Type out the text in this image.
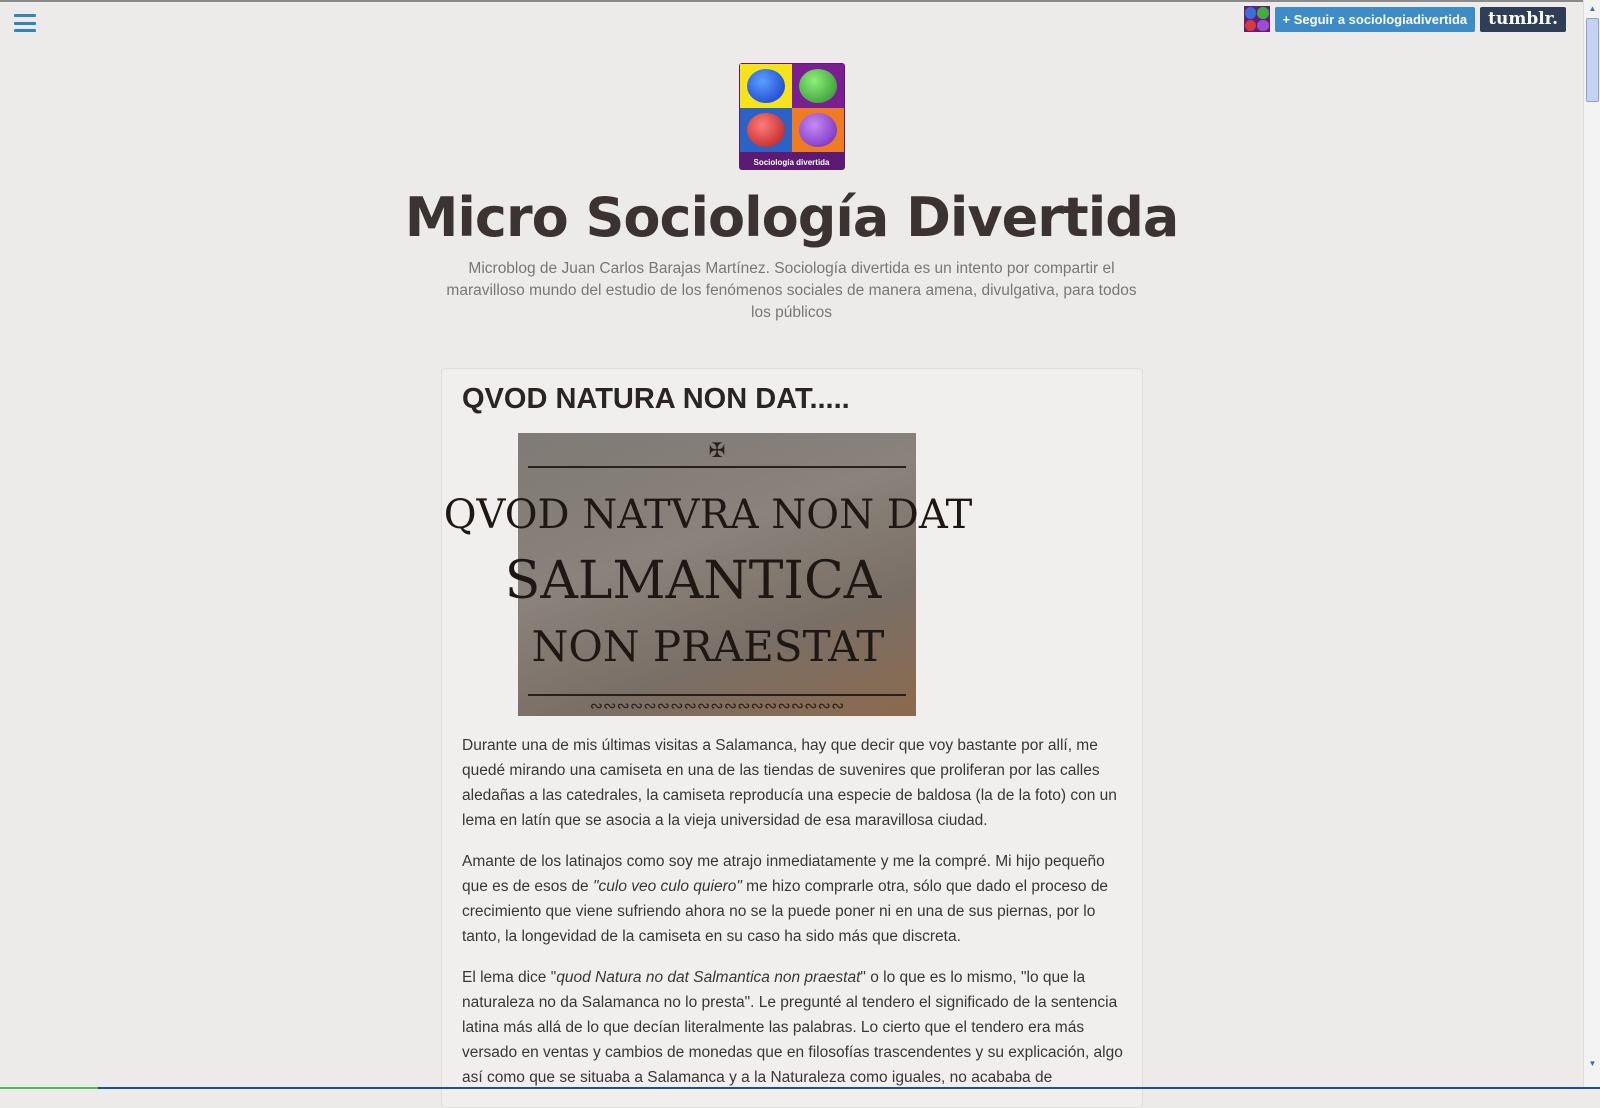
+ Seguir a sociologiadivertida	tumblr.	▲
▼
Sociología divertida
Micro Sociología Divertida

Microblog de Juan Carlos Barajas Martínez. Sociología divertida es un intento por compartir el maravilloso mundo del estudio de los fenómenos sociales de manera amena, divulgativa, para todos los públicos

QVOD NATURA NON DAT.....
✠
QVOD NATVRA NON DAT
SALMANTICA
NON PRAESTAT
∾∾∾∾∾∾∾∾∾∾∾∾∾∾∾∾∾∾∾

Durante una de mis últimas visitas a Salamanca, hay que decir que voy bastante por allí, me quedé mirando una camiseta en una de las tiendas de suvenires que proliferan por las calles aledañas a las catedrales, la camiseta reproducía una especie de baldosa (la de la foto) con un lema en latín que se asocia a la vieja universidad de esa maravillosa ciudad.

Amante de los latinajos como soy me atrajo inmediatamente y me la compré. Mi hijo pequeño que es de esos de "culo veo culo quiero" me hizo comprarle otra, sólo que dado el proceso de crecimiento que viene sufriendo ahora no se la puede poner ni en una de sus piernas, por lo tanto, la longevidad de la camiseta en su caso ha sido más que discreta.

El lema dice "quod Natura no dat Salmantica non praestat" o lo que es lo mismo, "lo que la naturaleza no da Salamanca no lo presta". Le pregunté al tendero el significado de la sentencia latina más allá de lo que decían literalmente las palabras. Lo cierto que el tendero era más versado en ventas y cambios de monedas que en filosofías trascendentes y su explicación, algo así como que se situaba a Salamanca y a la Naturaleza como iguales, no acababa de
